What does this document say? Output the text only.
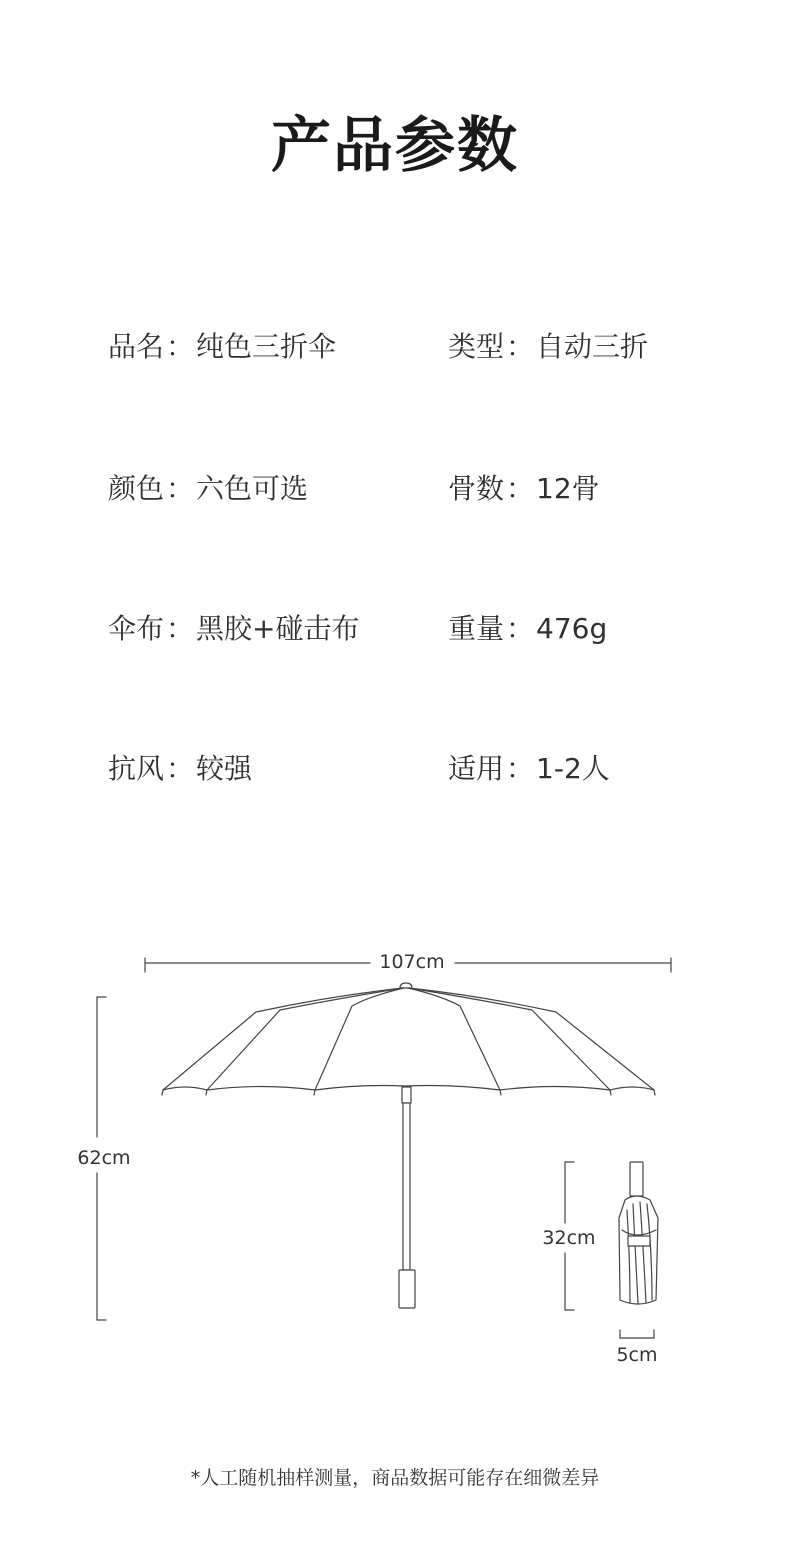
产品参数
品名：纯色三折伞	类型：自动三折
颜色：六色可选	骨数：12骨
伞布：黑胶+碰击布	重量：476g
抗风：较强	适用：1-2人
107cm
62cm
32cm
5cm
*人工随机抽样测量，商品数据可能存在细微差异
